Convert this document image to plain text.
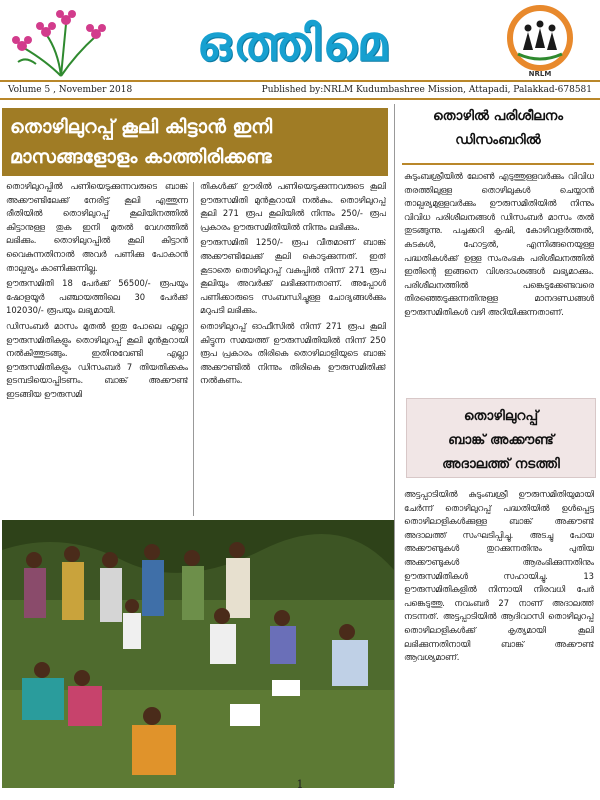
ഒത്തിമെ
NRLM
Volume 5 , November 2018	Published by:NRLM Kudumbashree Mission, Attapadi, Palakkad-678581
തൊഴിലുറപ്പ് കൂലി കിട്ടാൻ ഇനി
മാസങ്ങളോളം കാത്തിരിക്കണ്ട

തൊഴിലുറപ്പിൽ പണിയെടുക്കുന്നവരുടെ ബാങ്ക് അക്കൗണ്ടിലേക്ക് നേരിട്ട് കൂലി എത്തുന്ന രീതിയിൽ തൊഴിലുറപ്പ് കൂലിയിനത്തിൽ കിട്ടാനുള്ള തുക ഇനി മുതൽ വേഗത്തിൽ ലഭിക്കും. തൊഴിലുറപ്പിൽ കൂലി കിട്ടാൻ വൈകുന്നതിനാൽ അവർ പണിക്കു പോകാൻ താല്പര്യം കാണിക്കുന്നില്ല.

ഊരുസമിതി 18 പേർക്ക് 56500/- രൂപയും ഷോളയൂർ പഞ്ചായത്തിലെ 30 പേർക്ക് 102030/- രൂപയും ലഭ്യമായി.

ഡിസംബർ മാസം മുതൽ ഇതു പോലെ എല്ലാ ഊരുസമിതികളും തൊഴിലുറപ്പ് കൂലി മുൻകൂറായി നൽകിത്തുടങ്ങും. ഇതിനുവേണ്ടി എല്ലാ ഊരുസമിതികളും ഡിസംബർ 7 തിയതിക്കകം ഉടമ്പടിയൊപ്പിടണം. ബാങ്ക് അക്കൗണ്ട് ഇടങ്ങിയ ഊരുസമി

തികൾക്ക് ഊരിൽ പണിയെടുക്കുന്നവരുടെ കൂലി ഊരുസമിതി മുൻകൂറായി നൽകും. തൊഴിലുറപ്പ് കൂലി 271 രൂപ കൂലിയിൽ നിന്നും 250/- രൂപ പ്രകാരം ഊരുസമിതിയിൽ നിന്നും ലഭിക്കും.

ഊരുസമിതി 1250/- രൂപ വീതമാണ് ബാങ്ക് അക്കൗണ്ടിലേക്ക് കൂലി കൊടുക്കുന്നത്. ഇത് കൂടാതെ തൊഴിലുറപ്പ് വകുപ്പിൽ നിന്ന് 271 രൂപ കൂലിയും അവർക്ക് ലഭിക്കുന്നതാണ്. അപ്പോൾ പണിക്കാരുടെ സംബന്ധിച്ചുള്ള ചോദ്യങ്ങൾക്കും മറുപടി ലഭിക്കും.

തൊഴിലുറപ്പ് ഓഫീസിൽ നിന്ന് 271 രൂപ കൂലി കിട്ടുന്ന സമയത്ത് ഊരുസമിതിയിൽ നിന്ന് 250 രൂപ പ്രകാരം തിരികെ തൊഴിലാളിയുടെ ബാങ്ക് അക്കൗണ്ടിൽ നിന്നും തിരികെ ഊരുസമിതിക്ക് നൽകണം.

തൊഴിൽ പരിശീലനം
ഡിസംബറിൽ

കുടുംബശ്രീയിൽ ലോൺ എടുത്തുള്ളവർക്കും വിവിധ തരത്തിലുള്ള തൊഴിലുകൾ ചെയ്യാൻ താല്പര്യമുള്ളവർക്കും ഊരുസമിതിയിൽ നിന്നും വിവിധ പരിശീലനങ്ങൾ ഡിസംബർ മാസം തൽ തുടങ്ങുന്നു. പച്ചക്കറി കൃഷി, കോഴിവളർത്തൽ, കടകൾ, ഹോട്ടൽ, എന്നിങ്ങനെയുള്ള പദ്ധതികൾക്ക് ഉള്ള സംരംഭക പരിശീലനത്തിൽ ഇതിന്റെ ഇങ്ങനെ വിശദാംശങ്ങൾ ലഭ്യമാക്കും. പരിശീലനത്തിൽ പങ്കെടുക്കേണ്ടവരെ തിരഞ്ഞെടുക്കുന്നതിനുള്ള മാനദണ്ഡങ്ങൾ ഊരുസമിതികൾ വഴി അറിയിക്കുന്നതാണ്.

തൊഴിലുറപ്പ്
ബാങ്ക് അക്കൗണ്ട്
അദാലത്ത് നടത്തി

അട്ടപ്പാടിയിൽ കുടുംബശ്രീ ഊരുസമിതിയുമായി ചേർന്ന് തൊഴിലുറപ്പ് പദ്ധതിയിൽ ഉൾപ്പെട്ട തൊഴിലാളികൾക്കുള്ള ബാങ്ക് അക്കൗണ്ട് അദാലത്ത് സംഘടിപ്പിച്ചു. അടച്ചു പോയ അക്കൗണ്ടുകൾ തുറക്കുന്നതിനും പുതിയ അക്കൗണ്ടുകൾ ആരംഭിക്കുന്നതിനും ഊരുസമിതികൾ സഹായിച്ചു. 13 ഊരുസമിതികളിൽ നിന്നായി നിരവധി പേർ പങ്കെടുത്തു. നവംബർ 27 നാണ് അദാലത്ത് നടന്നത്. അട്ടപ്പാടിയിൽ ആദിവാസി തൊഴിലുറപ്പ് തൊഴിലാളികൾക്ക് കൃത്യമായി കൂലി ലഭിക്കുന്നതിനായി ബാങ്ക് അക്കൗണ്ട് ആവശ്യമാണ്.

1
